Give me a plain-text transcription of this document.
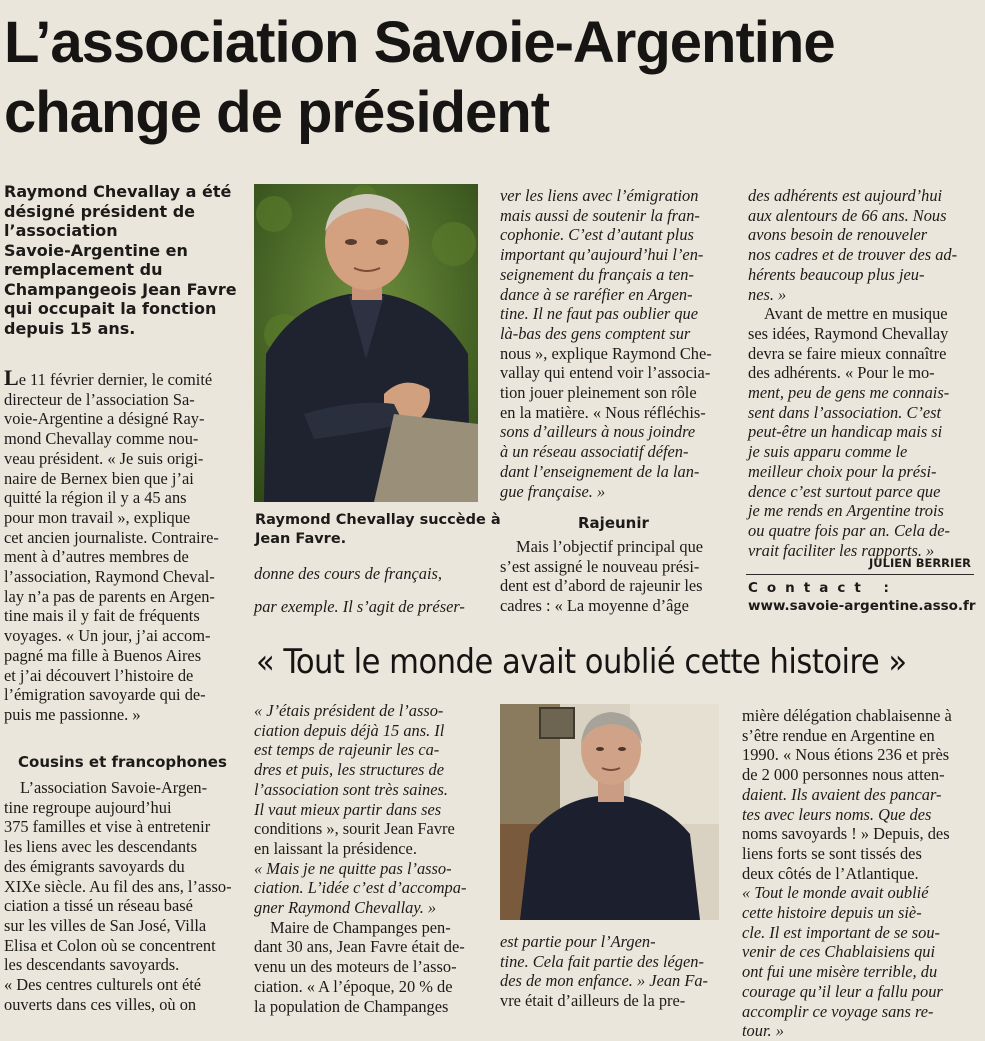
L’association Savoie-Argentine
change de président
Raymond Chevallay a été
désigné président de
l’association
Savoie-Argentine en
remplacement du
Champangeois Jean Favre
qui occupait la fonction
depuis 15 ans.
Le 11 février dernier, le comité
directeur de l’association Sa-
voie-Argentine a désigné Ray-
mond Chevallay comme nou-
veau président. « Je suis origi-
naire de Bernex bien que j’ai
quitté la région il y a 45 ans
pour mon travail », explique
cet ancien journaliste. Contraire-
ment à d’autres membres de
l’association, Raymond Cheval-
lay n’a pas de parents en Argen-
tine mais il y fait de fréquents
voyages. « Un jour, j’ai accom-
pagné ma fille à Buenos Aires
et j’ai découvert l’histoire de
l’émigration savoyarde qui de-
puis me passionne. »
Cousins et francophones
L’association Savoie-Argen-
tine regroupe aujourd’hui
375 familles et vise à entretenir
les liens avec les descendants
des émigrants savoyards du
XIXe siècle. Au fil des ans, l’asso-
ciation a tissé un réseau basé
sur les villes de San José, Villa
Elisa et Colon où se concentrent
les descendants savoyards.
« Des centres culturels ont été
ouverts dans ces villes, où on
Raymond Chevallay succède à
Jean Favre.
donne des cours de français,
par exemple. Il s’agit de préser-
ver les liens avec l’émigration
mais aussi de soutenir la fran-
cophonie. C’est d’autant plus
important qu’aujourd’hui l’en-
seignement du français a ten-
dance à se raréfier en Argen-
tine. Il ne faut pas oublier que
là-bas des gens comptent sur
nous », explique Raymond Che-
vallay qui entend voir l’associa-
tion jouer pleinement son rôle
en la matière. « Nous réfléchis-
sons d’ailleurs à nous joindre
à un réseau associatif défen-
dant l’enseignement de la lan-
gue française. »
Rajeunir
Mais l’objectif principal que
s’est assigné le nouveau prési-
dent est d’abord de rajeunir les
cadres : « La moyenne d’âge
des adhérents est aujourd’hui
aux alentours de 66 ans. Nous
avons besoin de renouveler
nos cadres et de trouver des ad-
hérents beaucoup plus jeu-
nes. »
Avant de mettre en musique
ses idées, Raymond Chevallay
devra se faire mieux connaître
des adhérents. « Pour le mo-
ment, peu de gens me connais-
sent dans l’association. C’est
peut-être un handicap mais si
je suis apparu comme le
meilleur choix pour la prési-
dence c’est surtout parce que
je me rends en Argentine trois
ou quatre fois par an. Cela de-
vrait faciliter les rapports. »
JULIEN BERRIER
Contact :
www.savoie-argentine.asso.fr
« Tout le monde avait oublié cette histoire »
« J’étais président de l’asso-
ciation depuis déjà 15 ans. Il
est temps de rajeunir les ca-
dres et puis, les structures de
l’association sont très saines.
Il vaut mieux partir dans ses
conditions », sourit Jean Favre
en laissant la présidence.
« Mais je ne quitte pas l’asso-
ciation. L’idée c’est d’accompa-
gner Raymond Chevallay. »
Maire de Champanges pen-
dant 30 ans, Jean Favre était de-
venu un des moteurs de l’asso-
ciation. « A l’époque, 20 % de
la population de Champanges
est partie pour l’Argen-
tine. Cela fait partie des légen-
des de mon enfance. » Jean Fa-
vre était d’ailleurs de la pre-
mière délégation chablaisenne à
s’être rendue en Argentine en
1990. « Nous étions 236 et près
de 2 000 personnes nous atten-
daient. Ils avaient des pancar-
tes avec leurs noms. Que des
noms savoyards ! » Depuis, des
liens forts se sont tissés des
deux côtés de l’Atlantique.
« Tout le monde avait oublié
cette histoire depuis un siè-
cle. Il est important de se sou-
venir de ces Chablaisiens qui
ont fui une misère terrible, du
courage qu’il leur a fallu pour
accomplir ce voyage sans re-
tour. »
